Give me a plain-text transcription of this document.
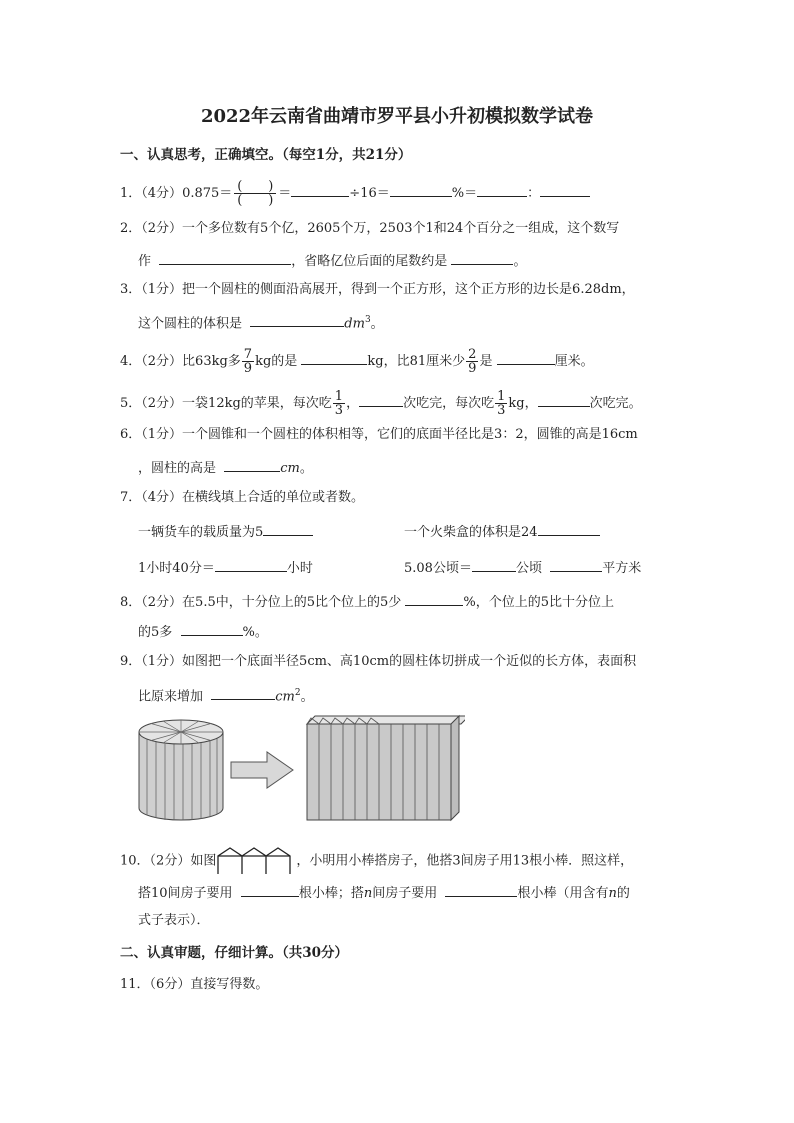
2022年云南省曲靖市罗平县小升初模拟数学试卷
一、认真思考，正确填空。（每空1分，共21分）
1．（4分）0.875＝ (　　)
(　　) ＝	÷16＝	%＝	：
2．（2分）一个多位数有5个亿，2605个万，2503个1和24个百分之一组成，这个数写
作	，省略亿位后面的尾数约是	。
3．（1分）把一个圆柱的侧面沿高展开，得到一个正方形，这个正方形的边长是6.28dm，
这个圆柱的体积是	$dm^3$。
4．（2分）比63kg多 $\frac{7}{9}$ kg的是	kg，比81厘米少 $\frac{2}{9}$ 是	厘米。
5．（2分）一袋12kg的苹果，每次吃 $\frac{1}{3}$ ，	次吃完，每次吃 $\frac{1}{3}$ kg，	次吃完。
6．（1分）一个圆锥和一个圆柱的体积相等，它们的底面半径比是3：2，圆锥的高是16cm
，圆柱的高是	cm。
7．（4分）在横线填上合适的单位或者数。
一辆货车的载质量为5	一个火柴盒的体积是24
1小时40分＝	小时	5.08公顷＝	公顷	平方米
8．（2分）在5.5中，十分位上的5比个位上的5少	%，个位上的5比十分位上
的5多	%。
9．（1分）如图把一个底面半径5cm、高10cm的圆柱体切拼成一个近似的长方体，表面积
比原来增加	$cm^2$。
10．（2分）如图	，小明用小棒搭房子，他搭3间房子用13根小棒．照这样，
搭10间房子要用	根小棒；搭n间房子要用	根小棒（用含有n的
式子表示）．
二、认真审题，仔细计算。（共30分）
11．（6分）直接写得数。
